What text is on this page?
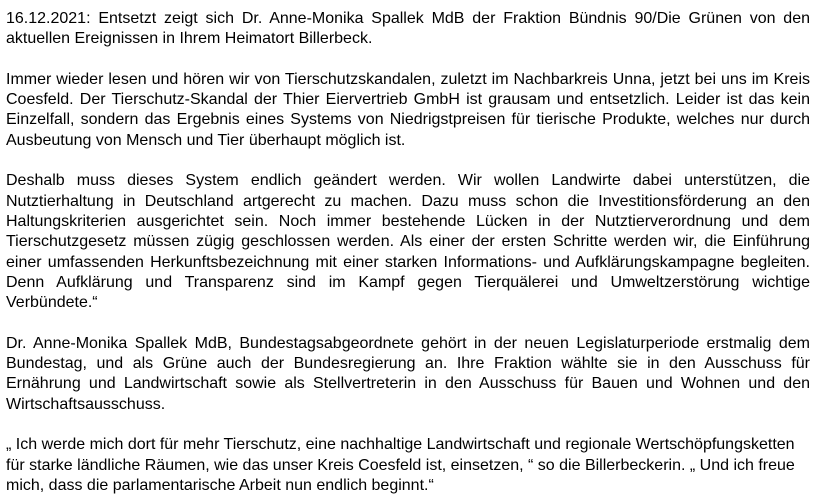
16.12.2021: Entsetzt zeigt sich Dr. Anne-Monika Spallek MdB der Fraktion Bündnis 90/Die Grünen von den aktuellen Ereignissen in Ihrem Heimatort Billerbeck.

Immer wieder lesen und hören wir von Tierschutzskandalen, zuletzt im Nachbarkreis Unna, jetzt bei uns im Kreis Coesfeld. Der Tierschutz-Skandal der Thier Eiervertrieb GmbH ist grausam und entsetzlich. Leider ist das kein Einzelfall, sondern das Ergebnis eines Systems von Niedrigstpreisen für tierische Produkte, welches nur durch Ausbeutung von Mensch und Tier überhaupt möglich ist.

Deshalb muss dieses System endlich geändert werden. Wir wollen Landwirte dabei unterstützen, die Nutztierhaltung in Deutschland artgerecht zu machen. Dazu muss schon die Investitionsförderung an den Haltungskriterien ausgerichtet sein. Noch immer bestehende Lücken in der Nutztierverordnung und dem Tierschutzgesetz müssen zügig geschlossen werden. Als einer der ersten Schritte werden wir, die Einführung einer umfassenden Herkunftsbezeichnung mit einer starken Informations- und Aufklärungskampagne begleiten. Denn Aufklärung und Transparenz sind im Kampf gegen Tierquälerei und Umweltzerstörung wichtige Verbündete.“

Dr. Anne-Monika Spallek MdB, Bundestagsabgeordnete gehört in der neuen Legislaturperiode erstmalig dem Bundestag, und als Grüne auch der Bundesregierung an. Ihre Fraktion wählte sie in den Ausschuss für Ernährung und Landwirtschaft sowie als Stellvertreterin in den Ausschuss für Bauen und Wohnen und den Wirtschaftsausschuss.

„ Ich werde mich dort für mehr Tierschutz, eine nachhaltige Landwirtschaft und regionale Wertschöpfungsketten für starke ländliche Räumen, wie das unser Kreis Coesfeld ist, einsetzen, “ so die Billerbeckerin. „ Und ich freue mich, dass die parlamentarische Arbeit nun endlich beginnt.“
